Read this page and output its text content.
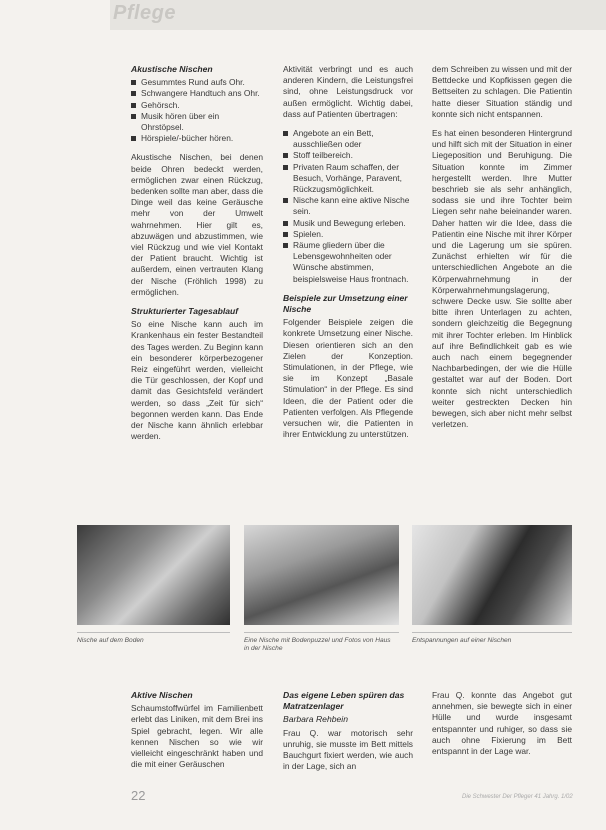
Pflege
Akustische Nischen
Gesummtes Rund aufs Ohr.
Schwangere Handtuch ans Ohr.
Gehörsch.
Musik hören über ein Ohrstöpsel.
Hörspiele/-bücher hören.
Akustische Nischen, bei denen beide Ohren bedeckt werden, ermöglichen zwar einen Rückzug, bedenken sollte man aber, dass die Dinge weil das keine Geräusche mehr von der Umwelt wahrnehmen. Hier gilt es, abzuwägen und abzustimmen, wie viel Rückzug und wie viel Kontakt der Patient braucht. Wichtig ist außerdem, einen vertrauten Klang der Nische (Fröhlich 1998) zu ermöglichen.
Strukturierter Tagesablauf
So eine Nische kann auch im Krankenhaus ein fester Bestandteil des Tages werden. Zu Beginn kann ein besonderer körperbezogener Reiz eingeführt werden, vielleicht die Tür geschlossen, der Kopf und damit das Gesichtsfeld verändert werden, so dass „Zeit für sich“ begonnen werden kann. Das Ende der Nische kann ähnlich erlebbar werden.
Aktivität verbringt und es auch anderen Kindern, die Leistungsfrei sind, ohne Leistungsdruck vor außen ermöglicht. Wichtig dabei, dass auf Patienten übertragen:
Angebote an ein Bett, ausschließen oder
Stoff teilbereich.
Privaten Raum schaffen, der Besuch, Vorhänge, Paravent, Rückzugsmöglichkeit.
Nische kann eine aktive Nische sein.
Musik und Bewegung erleben.
Spielen.
Räume gliedern über die Lebensgewohnheiten oder Wünsche abstimmen, beispielsweise Haus frontnach.
Beispiele zur Umsetzung einer Nische
Folgender Beispiele zeigen die konkrete Umsetzung einer Nische. Diesen orientieren sich an den Zielen der Konzeption. Stimulationen, in der Pflege, wie sie im Konzept „Basale Stimulation“ in der Pflege. Es sind Ideen, die der Patient oder die Patienten verfolgen. Als Pflegende versuchen wir, die Patienten in ihrer Entwicklung zu unterstützen.
dem Schreiben zu wissen und mit der Bettdecke und Kopfkissen gegen die Bettseiten zu schlagen. Die Patientin hatte dieser Situation ständig und konnte sich nicht entspannen.
Es hat einen besonderen Hintergrund und hilft sich mit der Situation in einer Liegeposition und Beruhigung. Die Situation konnte im Zimmer hergestellt werden. Ihre Mutter beschrieb sie als sehr anhänglich, sodass sie und ihre Tochter beim Liegen sehr nahe beieinander waren. Daher hatten wir die Idee, dass die Patientin eine Nische mit ihrer Körper und die Lagerung um sie spüren. Zunächst erhielten wir für die unterschiedlichen Angebote an die Körperwahrnehmung in der Körperwahrnehmungslagerung, schwere Decke usw. Sie sollte aber bitte ihren Unterlagen zu achten, sondern gleichzeitig die Begegnung mit ihrer Tochter erleben. Im Hinblick auf ihre Befindlichkeit gab es wie auch nach einem begegnender Nachbarbedingen, der wie die Hülle gestaltet war auf der Boden. Dort konnte sich nicht unterschiedlich weiter gestreckten Decken hin bewegen, sich aber nicht mehr selbst verletzen.
Nische auf dem Boden	Eine Nische mit Bodenpuzzel und Fotos von Haus in der Nische
Entspannungen auf einer Nischen
Aktive Nischen
Schaumstoffwürfel im Familienbett erlebt das Liniken, mit dem Brei ins Spiel gebracht, legen. Wir alle kennen Nischen so wie wir vielleicht eingeschränkt haben und die mit einer Geräuschen
Das eigene Leben spüren das Matratzenlager
Barbara Rehbein
Frau Q. war motorisch sehr unruhig, sie musste im Bett mittels Bauchgurt fixiert werden, wie auch in der Lage, sich an
Frau Q. konnte das Angebot gut annehmen, sie bewegte sich in einer Hülle und wurde insgesamt entspannter und ruhiger, so dass sie auch ohne Fixierung im Bett entspannt in der Lage war.
22	Die Schwester Der Pfleger 41 Jahrg. 1/02
